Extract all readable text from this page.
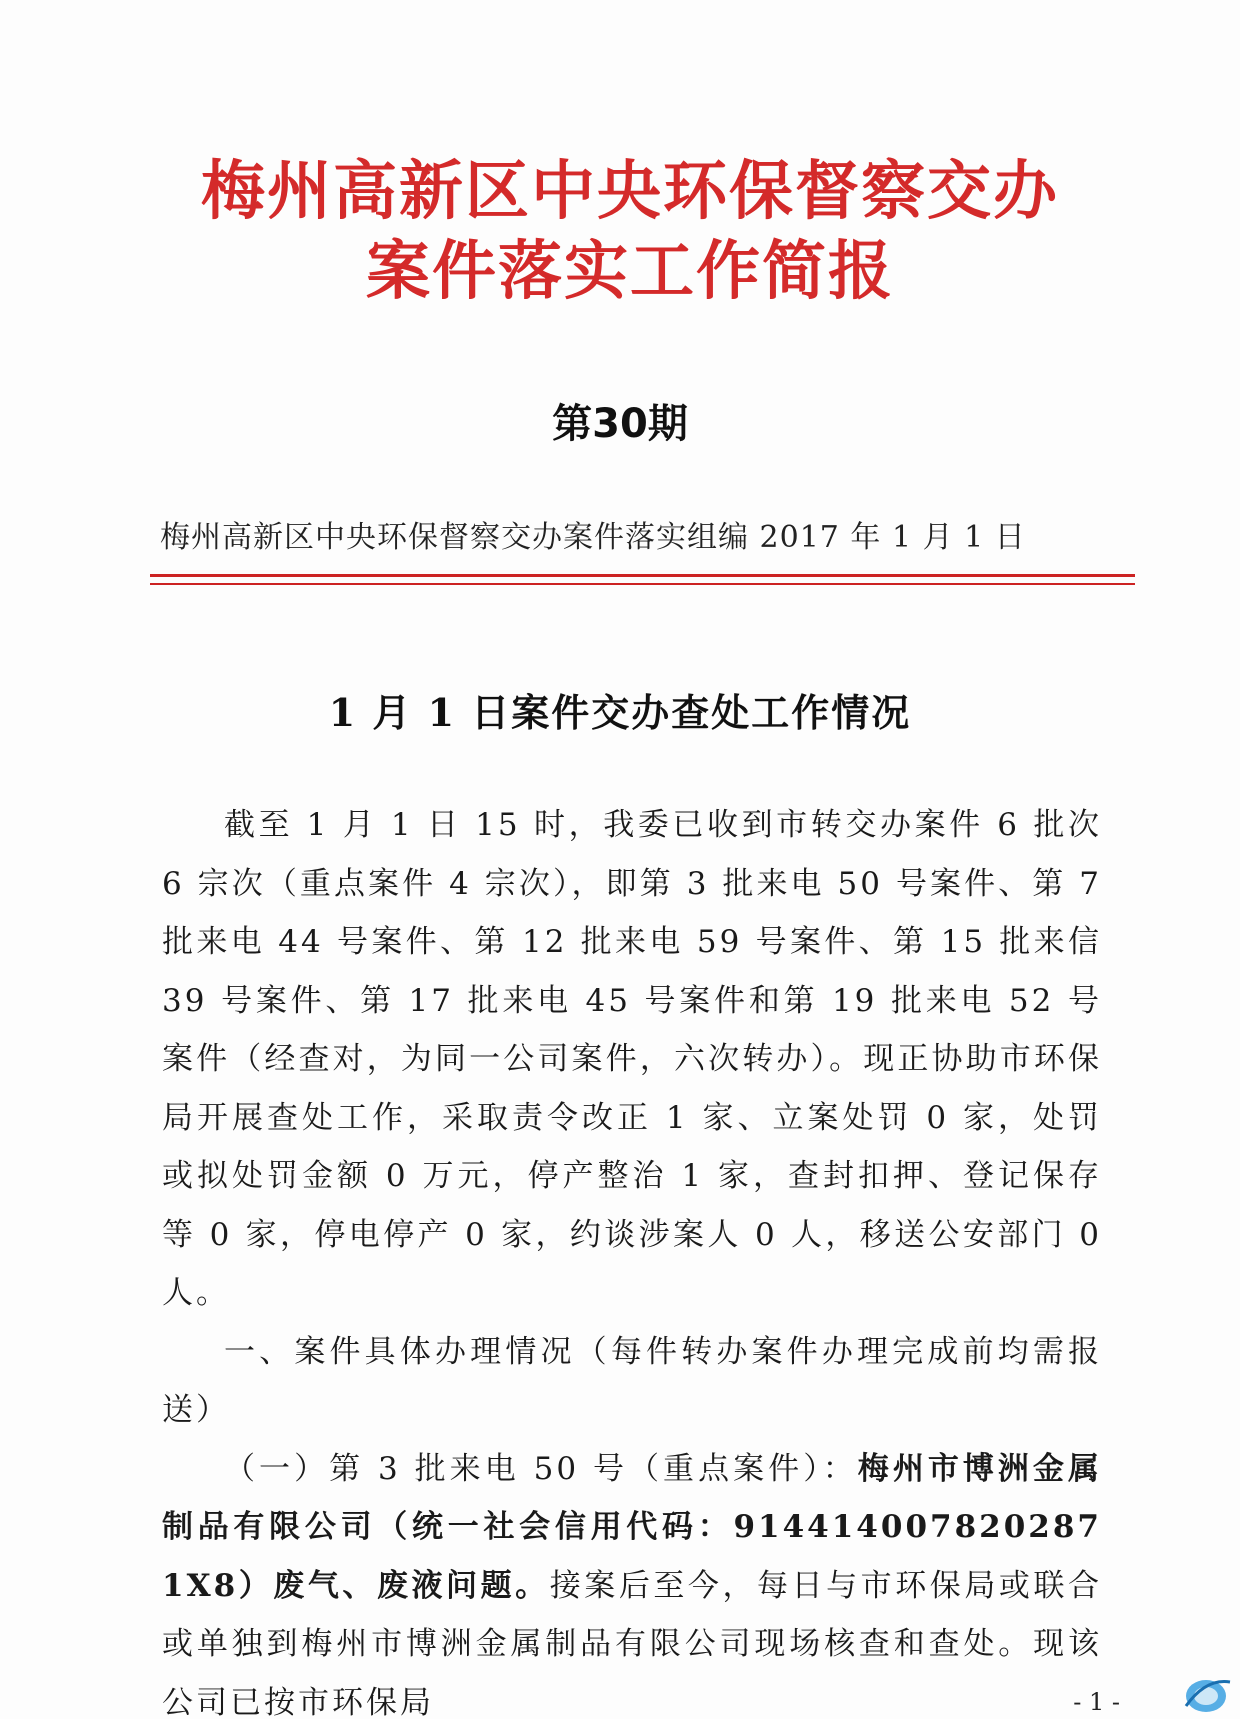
梅州高新区中央环保督察交办
案件落实工作简报
第30期
梅州高新区中央环保督察交办案件落实组编 2017 年 1 月 1 日
1 月 1 日案件交办查处工作情况

截至 1 月 1 日 15 时，我委已收到市转交办案件 6 批次 6 宗次（重点案件 4 宗次），即第 3 批来电 50 号案件、第 7 批来电 44 号案件、第 12 批来电 59 号案件、第 15 批来信 39 号案件、第 17 批来电 45 号案件和第 19 批来电 52 号案件（经查对，为同一公司案件，六次转办）。现正协助市环保局开展查处工作，采取责令改正 1 家、立案处罚 0 家，处罚或拟处罚金额 0 万元，停产整治 1 家，查封扣押、登记保存等 0 家，停电停产 0 家，约谈涉案人 0 人，移送公安部门 0 人。

一、案件具体办理情况（每件转办案件办理完成前均需报送）

（一）第 3 批来电 50 号（重点案件）：梅州市博洲金属制品有限公司（统一社会信用代码：914414007820287 1X8）废气、废液问题。接案后至今，每日与市环保局或联合或单独到梅州市博洲金属制品有限公司现场核查和查处。现该公司已按市环保局	- 1 -
